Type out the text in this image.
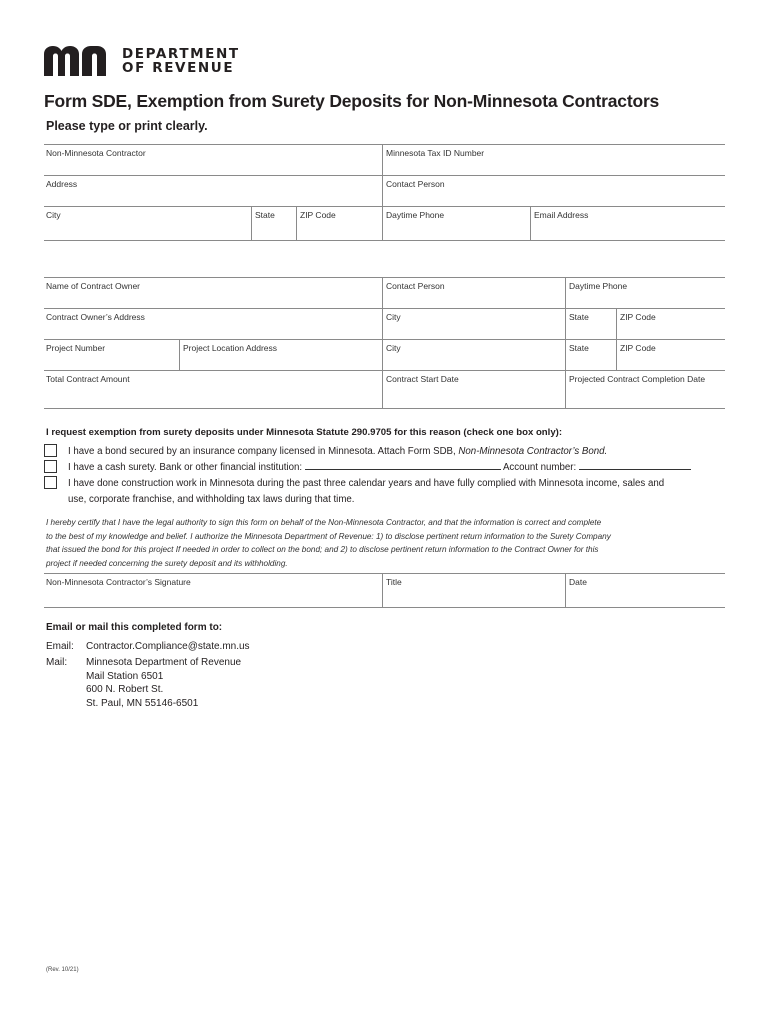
DEPARTMENT
OF REVENUE
Form SDE, Exemption from Surety Deposits for Non-Minnesota Contractors
Please type or print clearly.
Non-Minnesota Contractor	Minnesota Tax ID Number
Address	Contact Person
City	State	ZIP Code	Daytime Phone	Email Address
Name of Contract Owner	Contact Person	Daytime Phone
Contract Owner’s Address	City	State	ZIP Code
Project Number	Project Location Address	City	State	ZIP Code
Total Contract Amount	Contract Start Date	Projected Contract Completion Date
I request exemption from surety deposits under Minnesota Statute 290.9705 for this reason (check one box only):
I have a bond secured by an insurance company licensed in Minnesota. Attach Form SDB, Non-Minnesota Contractor’s Bond.
I have a cash surety. Bank or other financial institution:	Account number:
I have done construction work in Minnesota during the past three calendar years and have fully complied with Minnesota income, sales and
use, corporate franchise, and withholding tax laws during that time.
I hereby certify that I have the legal authority to sign this form on behalf of the Non-Minnesota Contractor, and that the information is correct and complete
to the best of my knowledge and belief. I authorize the Minnesota Department of Revenue: 1) to disclose pertinent return information to the Surety Company
that issued the bond for this project If needed in order to collect on the bond; and 2) to disclose pertinent return information to the Contract Owner for this
project if needed concerning the surety deposit and its withholding.
Non-Minnesota Contractor’s Signature	Title	Date
Email or mail this completed form to:
Email: Contractor.Compliance@state.mn.us
Mail: Minnesota Department of Revenue
Mail Station 6501
600 N. Robert St.
St. Paul, MN 55146-6501
(Rev. 10/21)
